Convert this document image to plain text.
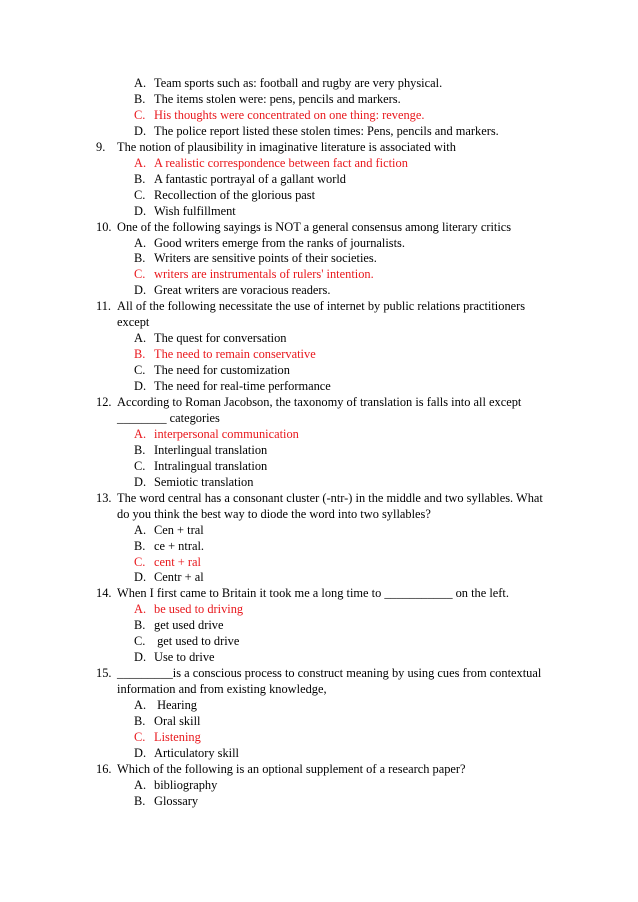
A. Team sports such as: football and rugby are very physical.
B. The items stolen were: pens, pencils and markers.
C. His thoughts were concentrated on one thing: revenge.
D. The police report listed these stolen times: Pens, pencils and markers.
9. The notion of plausibility in imaginative literature is associated with
A. A realistic correspondence between fact and fiction
B. A fantastic portrayal of a gallant world
C. Recollection of the glorious past
D. Wish fulfillment
10. One of the following sayings is NOT a general consensus among literary critics
A. Good writers emerge from the ranks of journalists.
B. Writers are sensitive points of their societies.
C. writers are instrumentals of rulers' intention.
D. Great writers are voracious readers.
11. All of the following necessitate the use of internet by public relations practitioners
except
A. The quest for conversation
B. The need to remain conservative
C. The need for customization
D. The need for real-time performance
12. According to Roman Jacobson, the taxonomy of translation is falls into all except
________ categories
A. interpersonal communication
B. Interlingual translation
C. Intralingual translation
D. Semiotic translation
13. The word central has a consonant cluster (-ntr-) in the middle and two syllables. What
do you think the best way to diode the word into two syllables?
A. Cen + tral
B. ce + ntral.
C. cent + ral
D. Centr + al
14. When I first came to Britain it took me a long time to ___________ on the left.
A. be used to driving
B. get used drive
C. get used to drive
D. Use to drive
15. _________is a conscious process to construct meaning by using cues from contextual
information and from existing knowledge,
A. Hearing
B. Oral skill
C. Listening
D. Articulatory skill
16. Which of the following is an optional supplement of a research paper?
A. bibliography
B. Glossary
